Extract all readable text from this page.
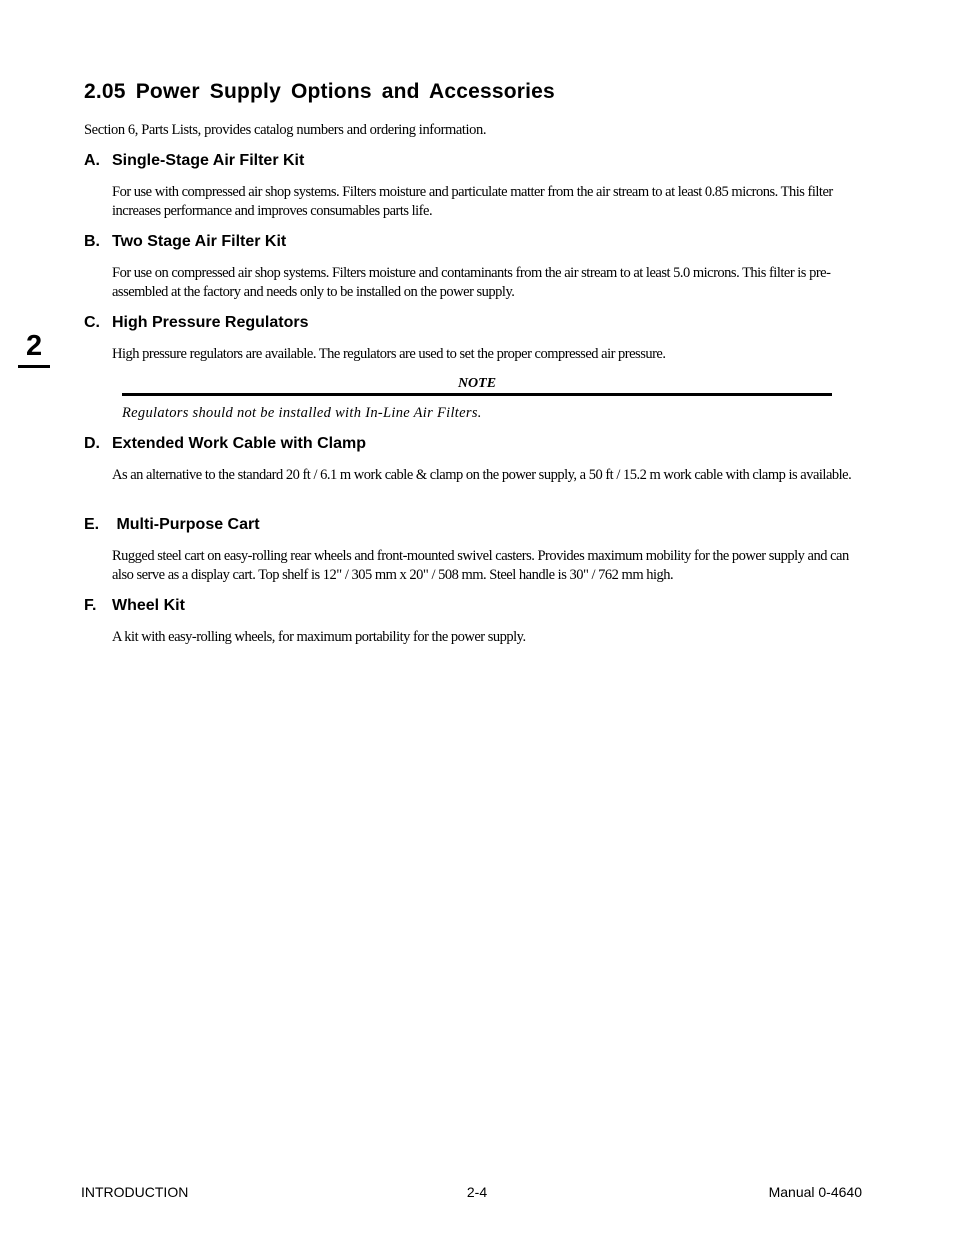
2.05 Power Supply Options and Accessories

Section 6, Parts Lists, provides catalog numbers and ordering information.

A. Single-Stage Air Filter Kit

For use with compressed air shop systems. Filters moisture and particulate matter from the air stream to at least 0.85 microns. This filter increases performance and improves consumables parts life.

B. Two Stage Air Filter Kit

For use on compressed air shop systems. Filters moisture and contaminants from the air stream to at least 5.0 microns. This filter is pre-assembled at the factory and needs only to be installed on the power supply.

C. High Pressure Regulators

High pressure regulators are available. The regulators are used to set the proper compressed air pressure.

NOTE

Regulators should not be installed with In-Line Air Filters.

D. Extended Work Cable with Clamp

As an alternative to the standard 20 ft / 6.1 m work cable & clamp on the power supply, a 50 ft / 15.2 m work cable with clamp is available.

E. Multi-Purpose Cart

Rugged steel cart on easy-rolling rear wheels and front-mounted swivel casters. Provides maximum mobility for the power supply and can also serve as a display cart. Top shelf is 12" / 305 mm x 20" / 508 mm. Steel handle is 30" / 762 mm high.

F. Wheel Kit

A kit with easy-rolling wheels, for maximum portability for the power supply.

2

INTRODUCTION	2-4	Manual 0-4640
